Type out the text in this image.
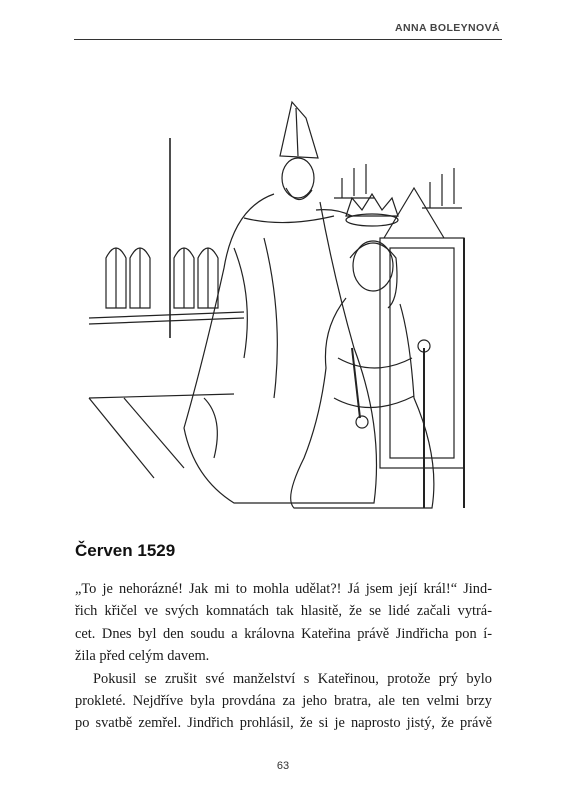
ANNA BOLEYNOVÁ
Červen 1529

„To je nehorázné! Jak mi to mohla udělat?! Já jsem její král!“ Jind-

řich křičel ve svých komnatách tak hlasitě, že se lidé začali vytrá-

cet. Dnes byl den soudu a královna Kateřina právě Jindřicha pon í-

žila před celým davem.

Pokusil se zrušit své manželství s Kateřinou, protože prý bylo

prokleté. Nejdříve byla provdána za jeho bratra, ale ten velmi brzy

po svatbě zemřel. Jindřich prohlásil, že si je naprosto jistý, že právě

63
